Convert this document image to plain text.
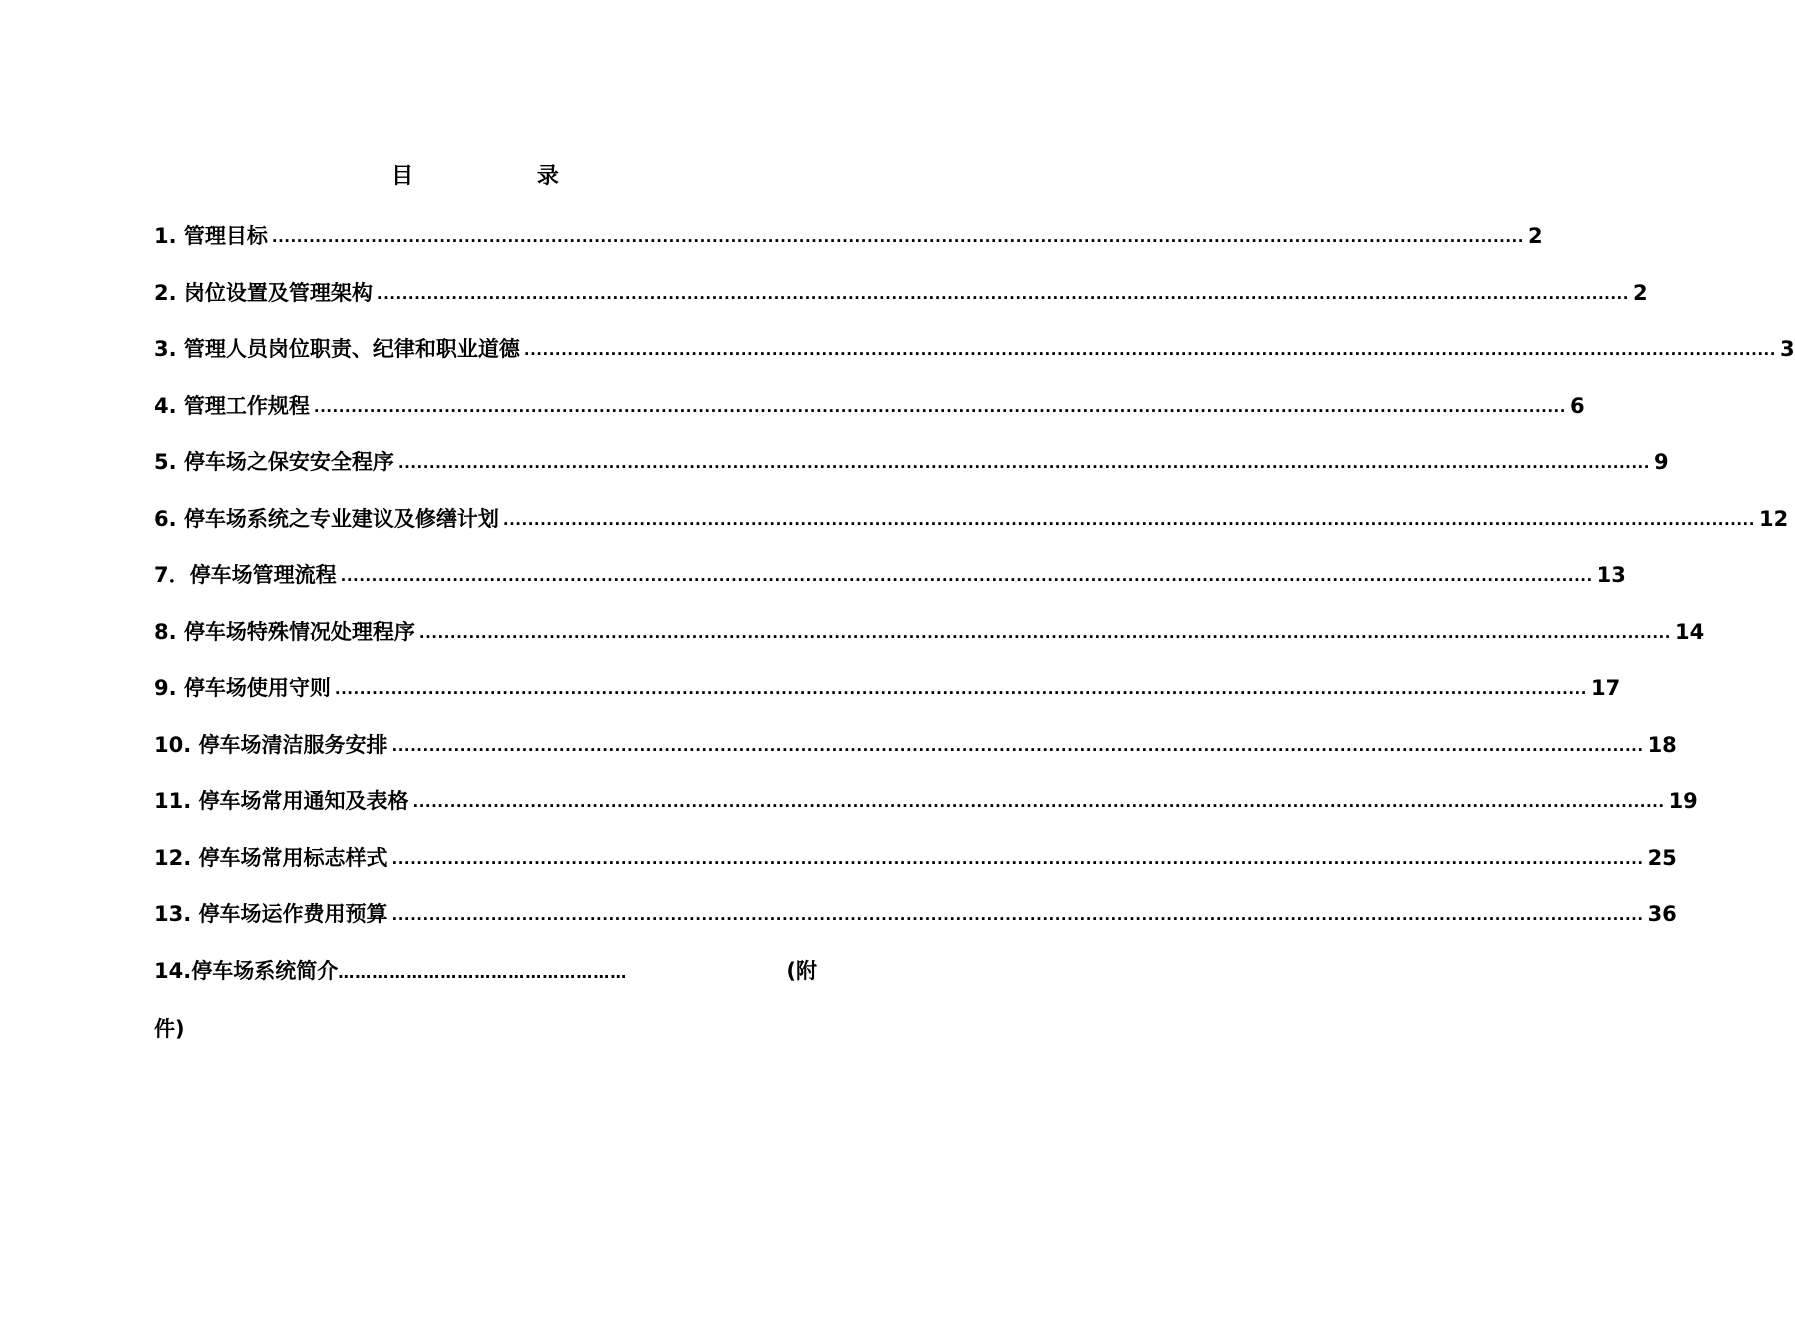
目 录
1. 管理目标 .......................................................................................................................................................................................................... 2
2. 岗位设置及管理架构 .......................................................................................................................................................................................................... 2
3. 管理人员岗位职责、纪律和职业道德 .......................................................................................................................................................................................................... 3
4. 管理工作规程 .......................................................................................................................................................................................................... 6
5. 停车场之保安安全程序 .......................................................................................................................................................................................................... 9
6. 停车场系统之专业建议及修缮计划 .......................................................................................................................................................................................................... 12
7．停车场管理流程 .......................................................................................................................................................................................................... 13
8. 停车场特殊情况处理程序 .......................................................................................................................................................................................................... 14
9. 停车场使用守则 .......................................................................................................................................................................................................... 17
10. 停车场清洁服务安排 .......................................................................................................................................................................................................... 18
11. 停车场常用通知及表格 .......................................................................................................................................................................................................... 19
12. 停车场常用标志样式 .......................................................................................................................................................................................................... 25
13. 停车场运作费用预算 .......................................................................................................................................................................................................... 36
14.停车场系统简介 ……………………………………………	(附
件)
